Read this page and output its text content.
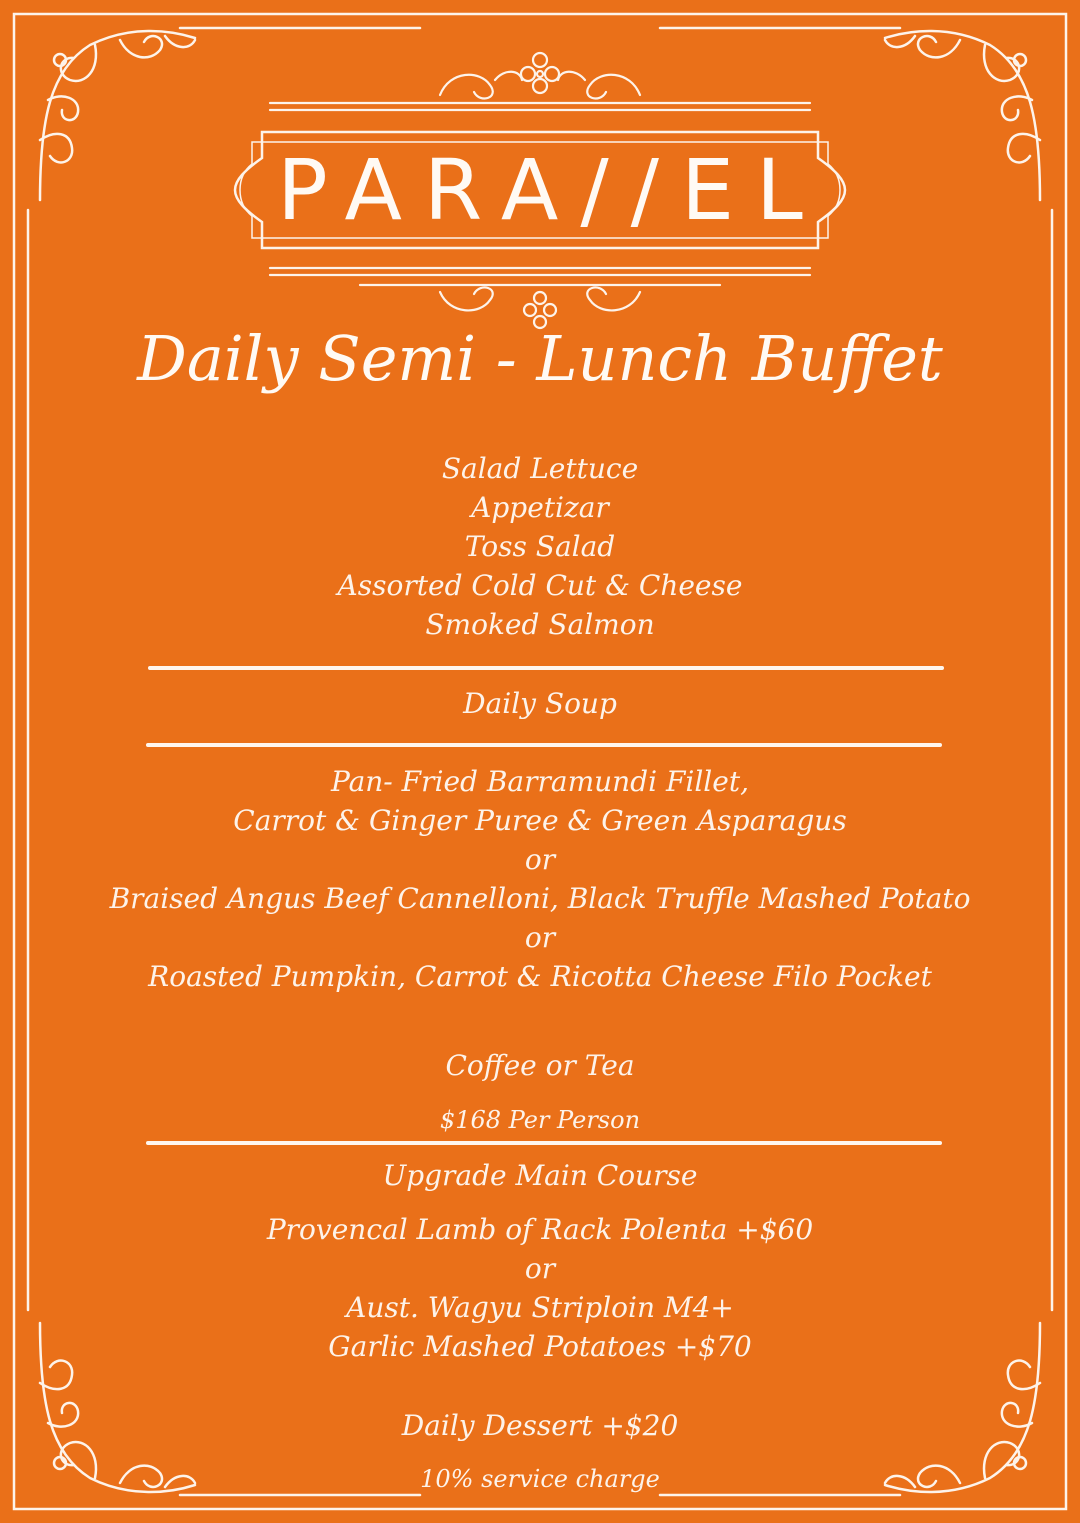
PARA//EL
Daily Semi - Lunch Buffet
Salad Lettuce
Appetizar
Toss Salad
Assorted Cold Cut & Cheese
Smoked Salmon
Daily Soup
Pan- Fried Barramundi Fillet,
Carrot & Ginger Puree & Green Asparagus
or
Braised Angus Beef Cannelloni, Black Truffle Mashed Potato
or
Roasted Pumpkin, Carrot & Ricotta Cheese Filo Pocket
Coffee or Tea
$168 Per Person
Upgrade Main Course
Provencal Lamb of Rack Polenta +$60
or
Aust. Wagyu Striploin M4+
Garlic Mashed Potatoes +$70
Daily Dessert +$20
10% service charge
